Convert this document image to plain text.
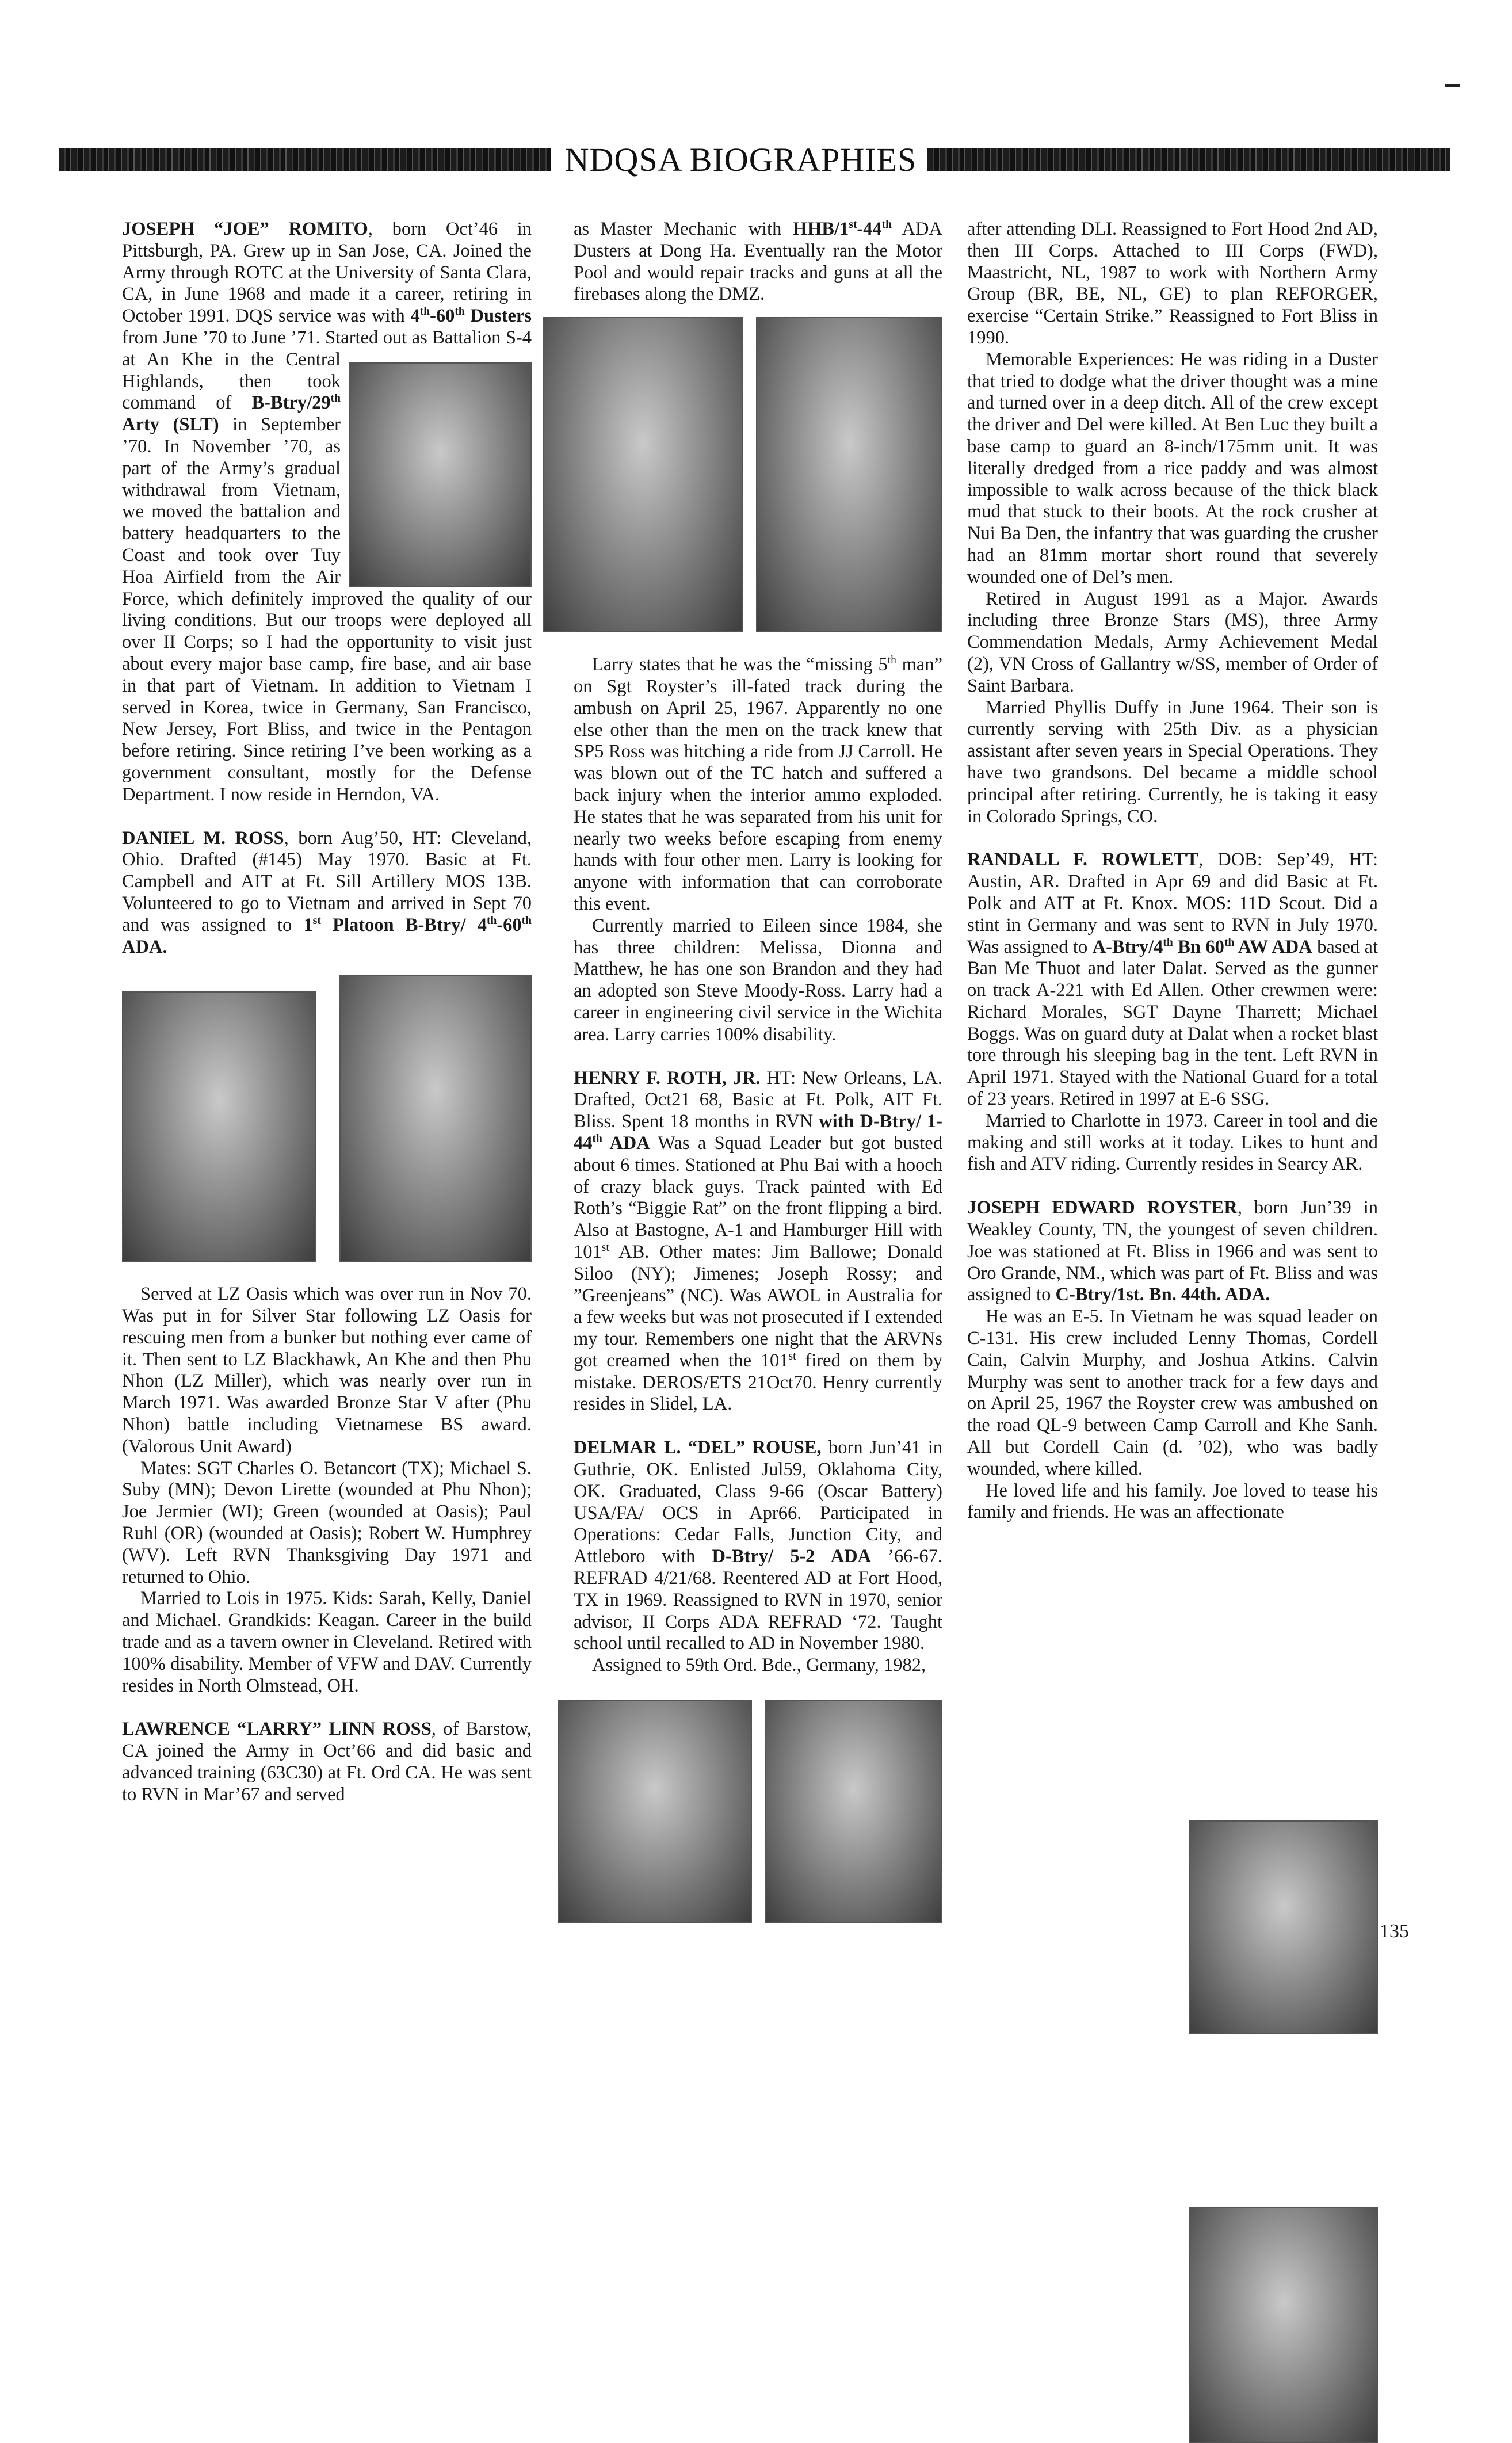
NDQSA BIOGRAPHIES

JOSEPH “JOE” ROMITO, born Oct’46 in Pittsburgh, PA. Grew up in San Jose, CA. Joined the Army through ROTC at the University of Santa Clara, CA, in June 1968 and made it a career, retiring in October 1991. DQS service was with 4th-60th Dusters from June ’70 to June ’71. Started out as Battalion S-4 at An Khe in the Central Highlands, then took command of B-Btry/29th Arty (SLT) in September ’70. In November ’70, as part of the Army’s gradual withdrawal from Vietnam, we moved the battalion and battery headquarters to the Coast and took over Tuy Hoa Airfield from the Air Force, which definitely improved the quality of our living conditions. But our troops were deployed all over II Corps; so I had the opportunity to visit just about every major base camp, fire base, and air base in that part of Vietnam. In addition to Vietnam I served in Korea, twice in Germany, San Francisco, New Jersey, Fort Bliss, and twice in the Pentagon before retiring. Since retiring I’ve been working as a government consultant, mostly for the Defense Department. I now reside in Herndon, VA.

DANIEL M. ROSS, born Aug’50, HT: Cleveland, Ohio. Drafted (#145) May 1970. Basic at Ft. Campbell and AIT at Ft. Sill Artillery MOS 13B. Volunteered to go to Vietnam and arrived in Sept 70 and was assigned to 1st Platoon B-Btry/ 4th-60th ADA.

Served at LZ Oasis which was over run in Nov 70. Was put in for Silver Star following LZ Oasis for rescuing men from a bunker but nothing ever came of it. Then sent to LZ Blackhawk, An Khe and then Phu Nhon (LZ Miller), which was nearly over run in March 1971. Was awarded Bronze Star V after (Phu Nhon) battle including Vietnamese BS award. (Valorous Unit Award)

Mates: SGT Charles O. Betancort (TX); Michael S. Suby (MN); Devon Lirette (wounded at Phu Nhon); Joe Jermier (WI); Green (wounded at Oasis); Paul Ruhl (OR) (wounded at Oasis); Robert W. Humphrey (WV). Left RVN Thanksgiving Day 1971 and returned to Ohio.

Married to Lois in 1975. Kids: Sarah, Kelly, Daniel and Michael. Grandkids: Keagan. Career in the build trade and as a tavern owner in Cleveland. Retired with 100% disability. Member of VFW and DAV. Currently resides in North Olmstead, OH.

LAWRENCE “LARRY” LINN ROSS, of Barstow, CA joined the Army in Oct’66 and did basic and advanced training (63C30) at Ft. Ord CA. He was sent to RVN in Mar’67 and served

as Master Mechanic with HHB/1st-44th ADA Dusters at Dong Ha. Eventually ran the Motor Pool and would repair tracks and guns at all the firebases along the DMZ.

Larry states that he was the “missing 5th man” on Sgt Royster’s ill-fated track during the ambush on April 25, 1967. Apparently no one else other than the men on the track knew that SP5 Ross was hitching a ride from JJ Carroll. He was blown out of the TC hatch and suffered a back injury when the interior ammo exploded. He states that he was separated from his unit for nearly two weeks before escaping from enemy hands with four other men. Larry is looking for anyone with information that can corroborate this event.

Currently married to Eileen since 1984, she has three children: Melissa, Dionna and Matthew, he has one son Brandon and they had an adopted son Steve Moody-Ross. Larry had a career in engineering civil service in the Wichita area. Larry carries 100% disability.

HENRY F. ROTH, JR. HT: New Orleans, LA. Drafted, Oct21 68, Basic at Ft. Polk, AIT Ft. Bliss. Spent 18 months in RVN with D-Btry/ 1-44th ADA Was a Squad Leader but got busted about 6 times. Stationed at Phu Bai with a hooch of crazy black guys. Track painted with Ed Roth’s “Biggie Rat” on the front flipping a bird. Also at Bastogne, A-1 and Hamburger Hill with 101st AB. Other mates: Jim Ballowe; Donald Siloo (NY); Jimenes; Joseph Rossy; and ”Greenjeans” (NC). Was AWOL in Australia for a few weeks but was not prosecuted if I extended my tour. Remembers one night that the ARVNs got creamed when the 101st fired on them by mistake. DEROS/ETS 21Oct70. Henry currently resides in Slidel, LA.

DELMAR L. “DEL” ROUSE, born Jun’41 in Guthrie, OK. Enlisted Jul59, Oklahoma City, OK. Graduated, Class 9-66 (Oscar Battery) USA/FA/ OCS in Apr66. Participated in Operations: Cedar Falls, Junction City, and Attleboro with D-Btry/ 5-2 ADA ’66-67. REFRAD 4/21/68. Reentered AD at Fort Hood, TX in 1969. Reassigned to RVN in 1970, senior advisor, II Corps ADA REFRAD ‘72. Taught school until recalled to AD in November 1980.

Assigned to 59th Ord. Bde., Germany, 1982,

after attending DLI. Reassigned to Fort Hood 2nd AD, then III Corps. Attached to III Corps (FWD), Maastricht, NL, 1987 to work with Northern Army Group (BR, BE, NL, GE) to plan REFORGER, exercise “Certain Strike.” Reassigned to Fort Bliss in 1990.

Memorable Experiences: He was riding in a Duster that tried to dodge what the driver thought was a mine and turned over in a deep ditch. All of the crew except the driver and Del were killed. At Ben Luc they built a base camp to guard an 8-inch/175mm unit. It was literally dredged from a rice paddy and was almost impossible to walk across because of the thick black mud that stuck to their boots. At the rock crusher at Nui Ba Den, the infantry that was guarding the crusher had an 81mm mortar short round that severely wounded one of Del’s men.

Retired in August 1991 as a Major. Awards including three Bronze Stars (MS), three Army Commendation Medals, Army Achievement Medal (2), VN Cross of Gallantry w/SS, member of Order of Saint Barbara.

Married Phyllis Duffy in June 1964. Their son is currently serving with 25th Div. as a physician assistant after seven years in Special Operations. They have two grandsons. Del became a middle school principal after retiring. Currently, he is taking it easy in Colorado Springs, CO.

RANDALL F. ROWLETT, DOB: Sep’49, HT: Austin, AR. Drafted in Apr 69 and did Basic at Ft. Polk and AIT at Ft. Knox. MOS: 11D Scout. Did a stint in Germany and was sent to RVN in July 1970. Was assigned to A-Btry/4th Bn 60th AW ADA based at Ban Me Thuot and later Dalat. Served as the gunner on track A-221 with Ed Allen. Other crewmen were: Richard Morales, SGT Dayne Tharrett; Michael Boggs. Was on guard duty at Dalat when a rocket blast tore through his sleeping bag in the tent. Left RVN in April 1971. Stayed with the National Guard for a total of 23 years. Retired in 1997 at E-6 SSG.

Married to Charlotte in 1973. Career in tool and die making and still works at it today. Likes to hunt and fish and ATV riding. Currently resides in Searcy AR.

JOSEPH EDWARD ROYSTER, born Jun’39 in Weakley County, TN, the youngest of seven children. Joe was stationed at Ft. Bliss in 1966 and was sent to Oro Grande, NM., which was part of Ft. Bliss and was assigned to C-Btry/1st. Bn. 44th. ADA.

He was an E-5. In Vietnam he was squad leader on C-131. His crew included Lenny Thomas, Cordell Cain, Calvin Murphy, and Joshua Atkins. Calvin Murphy was sent to another track for a few days and on April 25, 1967 the Royster crew was ambushed on the road QL-9 between Camp Carroll and Khe Sanh. All but Cordell Cain (d. ’02), who was badly wounded, where killed.

He loved life and his family. Joe loved to tease his family and friends. He was an affectionate

135
